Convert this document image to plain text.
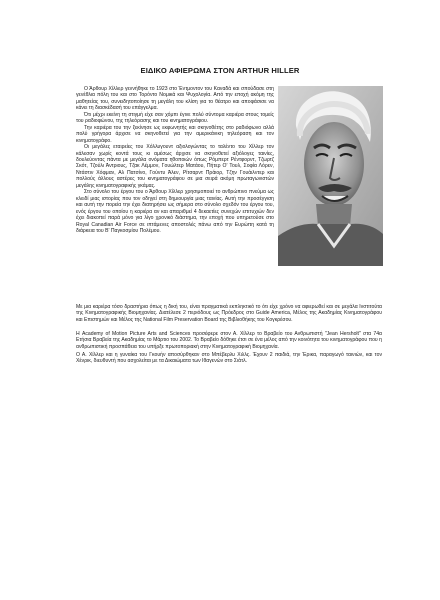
ΕΙΔΙΚΟ ΑΦΙΕΡΩΜΑ ΣΤΟΝ ARTHUR HILLER

Ο Άρθουρ Χίλλερ γεννήθηκε το 1923 στο Έντμοντον του Καναδά και σπούδασε στη γενέθλια πόλη του και στο Τορόντο Νομικά και Ψυχολογία. Από την εποχή ακόμη της μαθητείας του, συνειδητοποίησε τη μεγάλη του κλίση για το θέατρο και αποφάσισε να κάνει τη διασκέδασή του επάγγελμα.

Ότι μέχρι εκείνη τη στιγμή είχε σαν χόμπι έγινε πολύ σύντομα καριέρα στους τομείς του ραδιοφώνου, της τηλεόρασης και του κινηματογράφου.

Την καριέρα του την ξεκίνησε ως εκφωνητής και σκηνοθέτης στο ραδιόφωνο αλλά πολύ γρήγορα άρχισε να σκηνοθετεί για την αμερικάνικη τηλεόραση και τον κινηματογράφο.

Οι μεγάλες εταιρείες του Χόλλυγουντ αξιολογώντας το ταλέντο του Χίλλερ τον κάλεσαν χωρίς κοντά τους κι αμέσως άρχισε να σκηνοθετεί αξιόλογες ταινίες, δουλεύοντας πάντα με μεγάλα ονόματα ηθοποιών όπως Ρόμπερτ Ρέντφορντ, Τζωρτζ Σκότ, Τζούλι Άντριους, Τζακ Λέμμον, Γουώλτερ Ματάου, Πήτερ Ο' Τουλ, Σοφία Λόρεν, Ντάστιν Χόφμαν, Αλ Πατσίνο, Γούντυ Άλεν, Ρίτσαρντ Πράιορ, Τζην Γουάιλντερ και πολλούς άλλους αστέρες του κινηματογράφου σε μια σειρά ακόμη πρωταγωνιστών μεγάλης κινηματογραφικής γκάμας.

Στο σύνολο του έργου του ο Άρθουρ Χίλλερ χρησιμοποιεί το ανθρώπινο πνεύμα ως κλειδί μιας ιστορίας που τον οδηγεί στη δημιουργία μιας ταινίας. Αυτή την προσέγγιση και αυτή την πορεία την έχει διατηρήσει ως σήμερα στο σύνολο σχεδόν του έργου του, ενός έργου του οποίου η καριέρα αν και απαριθμεί 4 δεκαετίες συνεχών επιτυχιών δεν έχει διακοπεί παρά μόνο για λίγο χρονικό διάστημα, την εποχή που υπηρετούσε στο Royal Canadian Air Force σε ιπτάμενες αποστολές πάνω από την Ευρώπη κατά τη διάρκεια του Β' Παγκοσμίου Πολέμου.

Με μια καριέρα τόσο δραστήρια όπως η δική του, είναι πραγματικά εκπληκτικό το ότι είχε χρόνο να αφιερωθεί και σε μεγάλα Ινστιτούτα της Κινηματογραφικής Βιομηχανίας. Διατέλεσε 2 περιόδους ως Πρόεδρος στο Guide America, Μέλος της Ακαδημίας Κινηματογράφου και Επιστημών και Μέλος της National Film Preservation Board της Βιβλιοθήκης του Κογκρέσου.
Η Academy of Motion Picture Arts and Sciences προσέφερε στον Α. Χίλλερ το Βραβείο του Ανθρωπιστή "Jean Hersholt" στα 74α Ετήσια Βραβεία της Ακαδημίας το Μάρτιο του 2002. Το Βραβείο δόθηκε έτσι σε ένα μέλος από την κοινότητα του κινηματογράφου που η ανθρωπιστική προσπάθεια του υπήρξε πρωτοποριακή στην Κινηματογραφική Βιομηχανία.
Ο Α. Χίλλερ και η γυναίκα του Γκουήν αποσύρθηκαν στο Μπέβερλυ Χιλλς. Έχουν 2 παιδιά, την Έρικα, παραγωγό ταινιών, και τον Χένρικ, διευθυντή που ασχολείται με τα Δικαιώματα των Ιθαγενών στο Σιάτλ.
